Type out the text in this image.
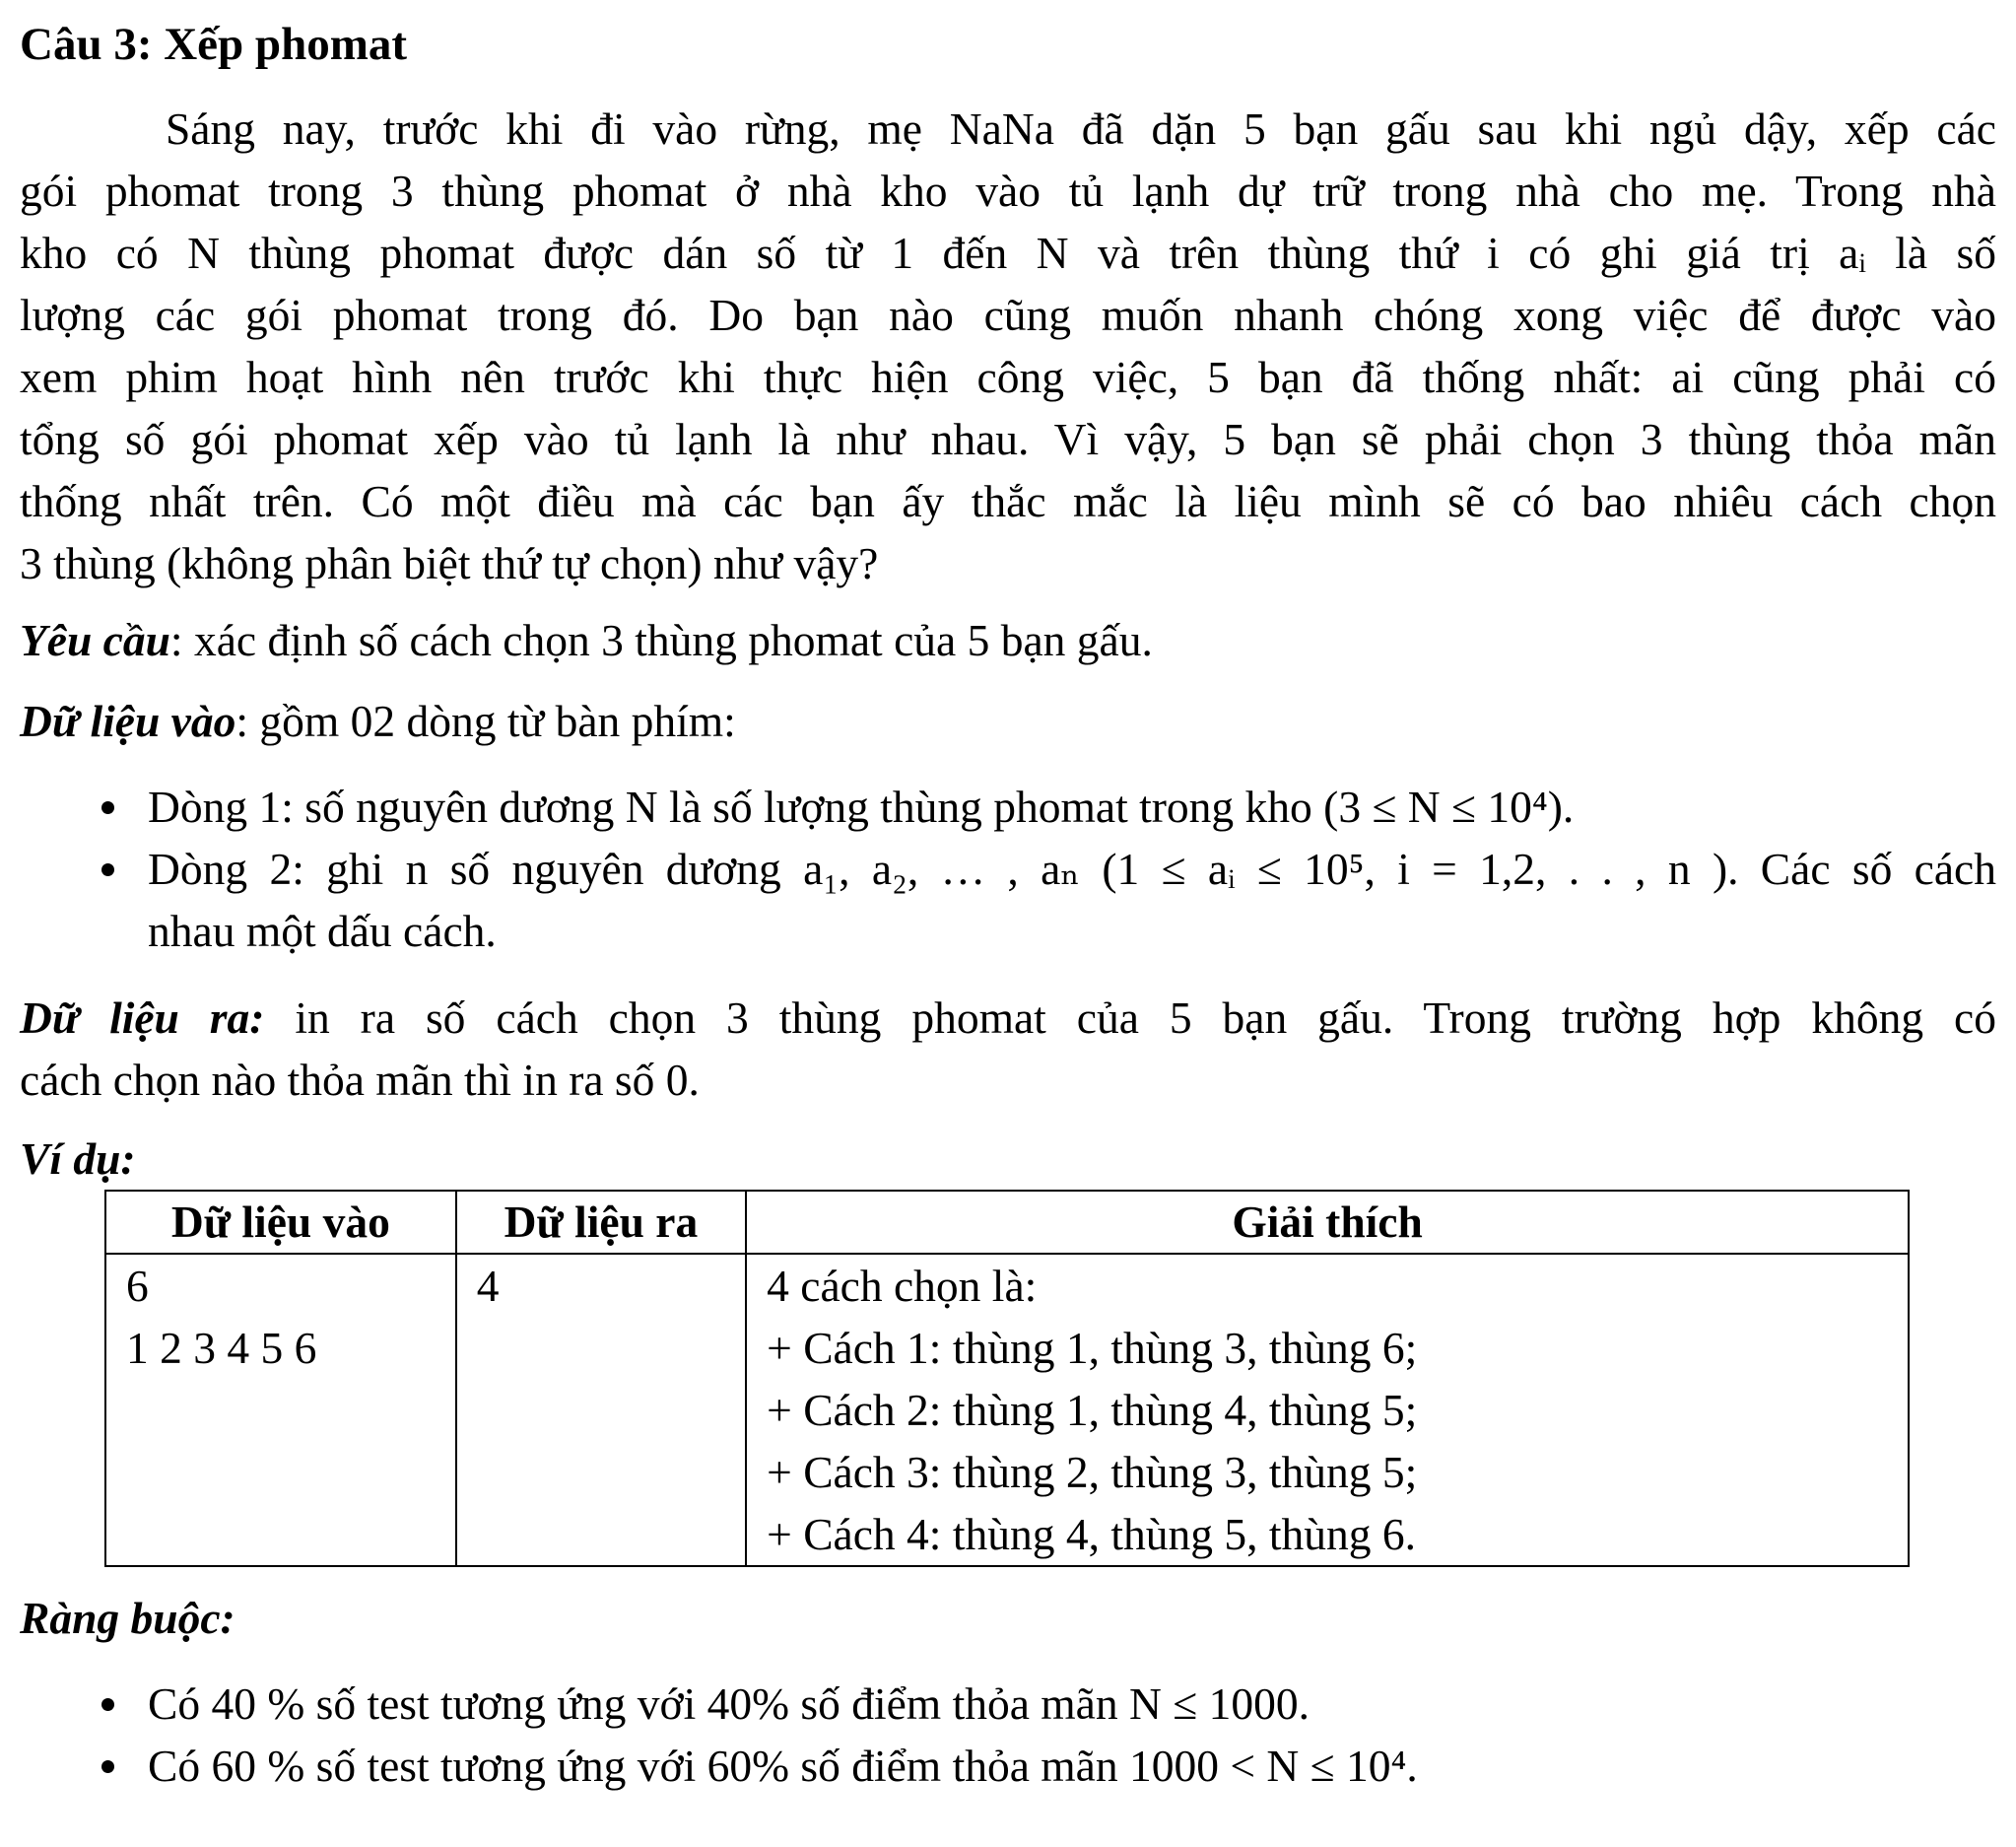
Câu 3: Xếp phomat
Sáng nay, trước khi đi vào rừng, mẹ NaNa đã dặn 5 bạn gấu sau khi ngủ dậy, xếp các
gói phomat trong 3 thùng phomat ở nhà kho vào tủ lạnh dự trữ trong nhà cho mẹ. Trong nhà
kho có N thùng phomat được dán số từ 1 đến N và trên thùng thứ i có ghi giá trị aᵢ là số
lượng các gói phomat trong đó. Do bạn nào cũng muốn nhanh chóng xong việc để được vào
xem phim hoạt hình nên trước khi thực hiện công việc, 5 bạn đã thống nhất: ai cũng phải có
tổng số gói phomat xếp vào tủ lạnh là như nhau. Vì vậy, 5 bạn sẽ phải chọn 3 thùng thỏa mãn
thống nhất trên. Có một điều mà các bạn ấy thắc mắc là liệu mình sẽ có bao nhiêu cách chọn
3 thùng (không phân biệt thứ tự chọn) như vậy?
Yêu cầu: xác định số cách chọn 3 thùng phomat của 5 bạn gấu.
Dữ liệu vào: gồm 02 dòng từ bàn phím:
Dòng 1: số nguyên dương N là số lượng thùng phomat trong kho (3 ≤ N ≤ 10⁴).
Dòng 2: ghi n số nguyên dương a₁, a₂, … , aₙ (1 ≤ aᵢ ≤ 10⁵, i = 1,2, . . , n ). Các số cách
nhau một dấu cách.
Dữ liệu ra: in ra số cách chọn 3 thùng phomat của 5 bạn gấu. Trong trường hợp không có
cách chọn nào thỏa mãn thì in ra số 0.
Ví dụ:
Dữ liệu vào	Dữ liệu ra	Giải thích

6
1 2 3 4 5 6	4	4 cách chọn là:
+ Cách 1: thùng 1, thùng 3, thùng 6;
+ Cách 2: thùng 1, thùng 4, thùng 5;
+ Cách 3: thùng 2, thùng 3, thùng 5;
+ Cách 4: thùng 4, thùng 5, thùng 6.
Ràng buộc:
Có 40 % số test tương ứng với 40% số điểm thỏa mãn N ≤ 1000.
Có 60 % số test tương ứng với 60% số điểm thỏa mãn 1000 < N ≤ 10⁴.
